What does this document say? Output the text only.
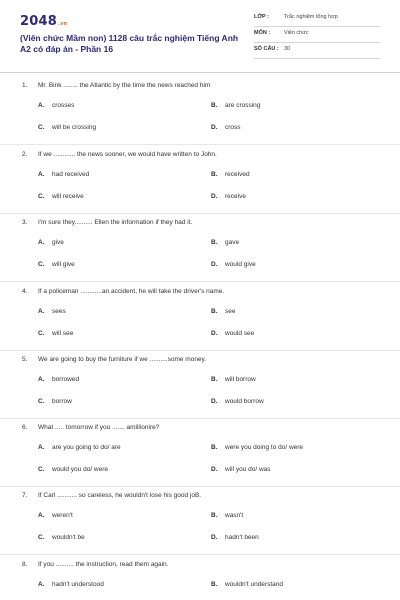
2048.vn
(Viên chức Mầm non) 1128 câu trắc nghiệm Tiếng Anh A2 có đáp án - Phần 16
LỚP :	Trắc nghiệm tổng hợp
MÔN :	Viên chức
SỐ CÂU : 30
1. Mr. Bink ........ the Atlantic by the time the news reached him
A. crosses	B. are crossing
C. will be crossing	D. cross
2. If we ............ the news sooner, we would have written to John.
A. had received	B. received
C. will receive	D. receive
3. I'm sure they.......... Ellen the information if they had it.
A. give	B. gave
C. will give	D. would give
4. If a policeman ............an accident, he will take the driver's name.
A. sees	B. see
C. will see	D. would see
5. We are going to buy the furniture if we ..........some money.
A. borrowed	B. will borrow
C. borrow	D. would borrow
6. What ..... tomorrow if you ....... amillionire?
A. are you going to do/ are	B. were you doing to do/ were
C. would you do/ were	D. will you do/ was
7. If Carl ........... so careless, he wouldn't lose his good joB.
A. weren't	B. wasn't
C. wouldn't be	D. hadn't been
8. If you .......... the instruction, read them again.
A. hadn't understood	B. wouldn't understand
